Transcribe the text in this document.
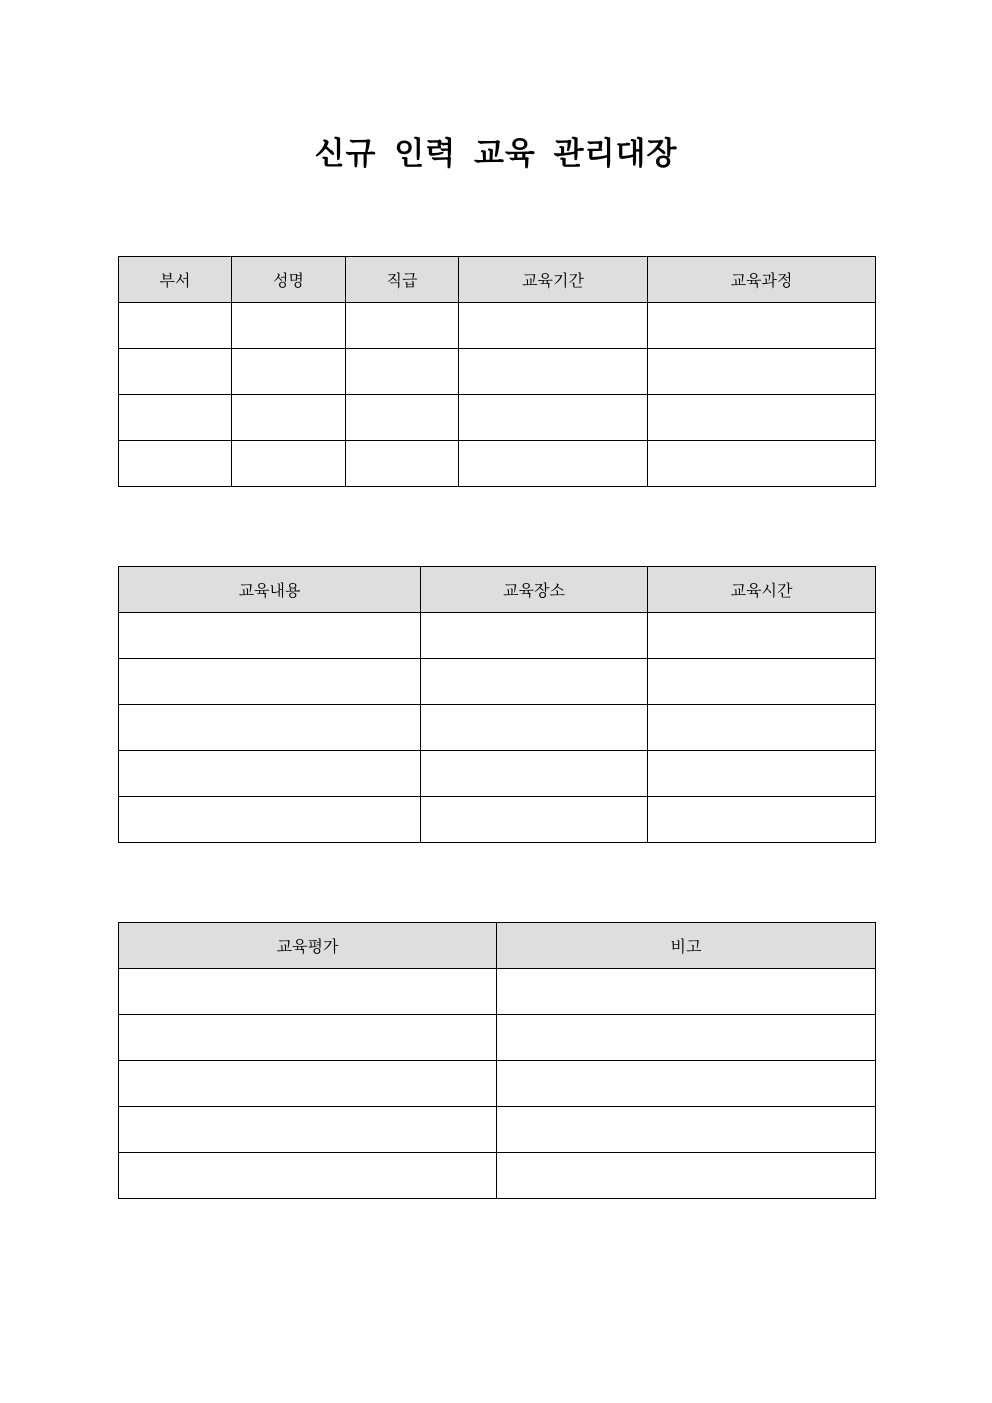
신규 인력 교육 관리대장
부서	성명	직급	교육기간	교육과정

교육내용	교육장소	교육시간

교육평가	비고
